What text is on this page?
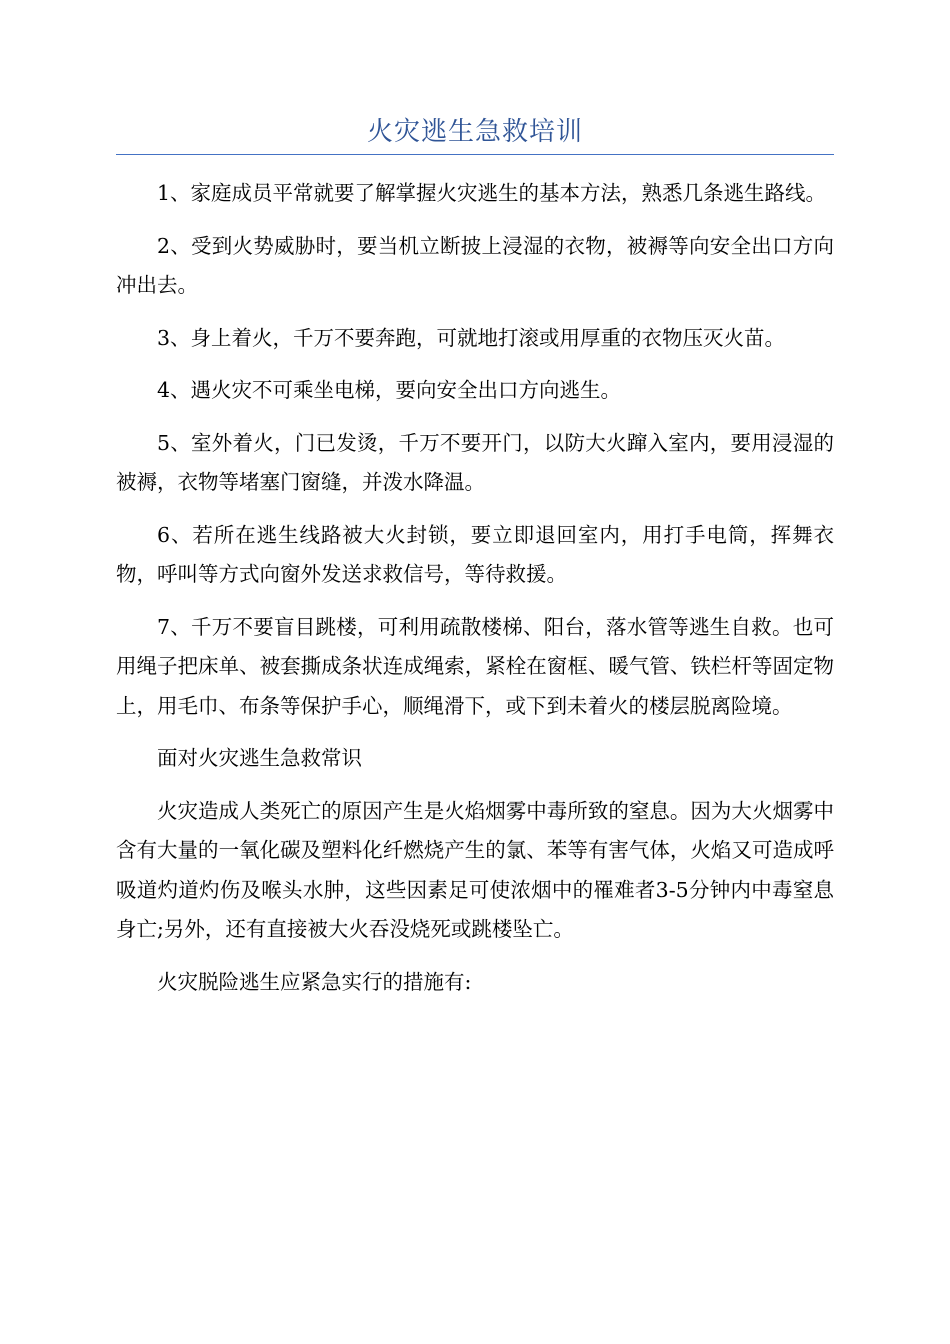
火灾逃生急救培训

1、家庭成员平常就要了解掌握火灾逃生的基本方法，熟悉几条逃生路线。

2、受到火势威胁时，要当机立断披上浸湿的衣物，被褥等向安全出口方向冲出去。

3、身上着火，千万不要奔跑，可就地打滚或用厚重的衣物压灭火苗。

4、遇火灾不可乘坐电梯，要向安全出口方向逃生。

5、室外着火，门已发烫，千万不要开门，以防大火蹿入室内，要用浸湿的被褥，衣物等堵塞门窗缝，并泼水降温。

6、若所在逃生线路被大火封锁，要立即退回室内，用打手电筒，挥舞衣物，呼叫等方式向窗外发送求救信号，等待救援。

7、千万不要盲目跳楼，可利用疏散楼梯、阳台，落水管等逃生自救。也可用绳子把床单、被套撕成条状连成绳索，紧栓在窗框、暖气管、铁栏杆等固定物上，用毛巾、布条等保护手心，顺绳滑下，或下到未着火的楼层脱离险境。

面对火灾逃生急救常识

火灾造成人类死亡的原因产生是火焰烟雾中毒所致的窒息。因为大火烟雾中含有大量的一氧化碳及塑料化纤燃烧产生的氯、苯等有害气体，火焰又可造成呼吸道灼道灼伤及喉头水肿，这些因素足可使浓烟中的罹难者3-5分钟内中毒窒息身亡;另外，还有直接被大火吞没烧死或跳楼坠亡。

火灾脱险逃生应紧急实行的措施有:
